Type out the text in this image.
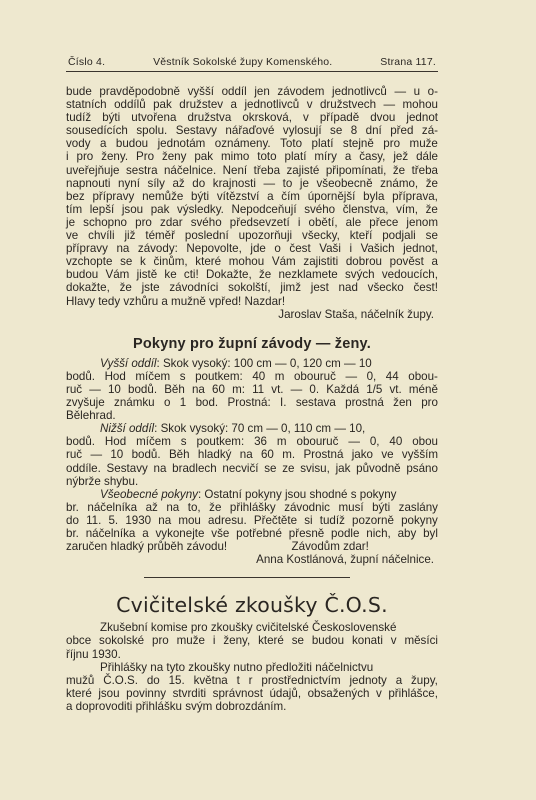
Číslo 4.	Věstník Sokolské župy Komenského.	Strana 117.
bude pravděpodobně vyšší oddíl jen závodem jednotlivců — u o-
statních oddílů pak družstev a jednotlivců v družstvech — mohou
tudíž býti utvořena družstva okrsková, v případě dvou jednot
sousedících spolu. Sestavy nářaďové vylosují se 8 dní před zá-
vody a budou jednotám oznámeny. Toto platí stejně pro muže
i pro ženy. Pro ženy pak mimo toto platí míry a časy, jež dále
uveřejňuje sestra náčelnice. Není třeba zajisté připomínati, že třeba
napnouti nyní síly až do krajnosti — to je všeobecně známo, že
bez přípravy nemůže býti vítězství a čím úpornější byla příprava,
tím lepší jsou pak výsledky. Nepodceňují svého členstva, vím, že
je schopno pro zdar svého předsevzetí i obětí, ale přece jenom
ve chvíli již téměř poslední upozorňuji všecky, kteří podjali se
přípravy na závody: Nepovolte, jde o čest Vaši i Vašich jednot,
vzchopte se k činům, které mohou Vám zajistiti dobrou pověst a
budou Vám jistě ke cti! Dokažte, že nezklamete svých vedoucích,
dokažte, že jste závodníci sokolští, jimž jest nad všecko čest!
Hlavy tedy vzhůru a mužně vpřed! Nazdar!
Jaroslav Staša, náčelník župy.
Pokyny pro župní závody — ženy.
Vyšší oddíl: Skok vysoký: 100 cm — 0, 120 cm — 10
bodů. Hod míčem s poutkem: 40 m obouruč — 0, 44 obou-
ruč — 10 bodů. Běh na 60 m: 11 vt. — 0. Každá 1/5 vt. méně
zvyšuje známku o 1 bod. Prostná: I. sestava prostná žen pro
Bělehrad.
Nižší oddíl: Skok vysoký: 70 cm — 0, 110 cm — 10,
bodů. Hod míčem s poutkem: 36 m obouruč — 0, 40 obou
ruč — 10 bodů. Běh hladký na 60 m. Prostná jako ve vyšším
oddíle. Sestavy na bradlech necvičí se ze svisu, jak původně psáno
nýbrže shybu.
Všeobecné pokyny: Ostatní pokyny jsou shodné s pokyny
br. náčelníka až na to, že přihlášky závodnic musí býti zaslány
do 11. 5. 1930 na mou adresu. Přečtěte si tudíž pozorně pokyny
br. náčelníka a vykonejte vše potřebné přesně podle nich, aby byl
zaručen hladký průběh závodu!                    Závodům zdar!
Anna Kostlánová, župní náčelnice.
Cvičitelské zkoušky Č.O.S.
Zkušební komise pro zkoušky cvičitelské Československé
obce sokolské pro muže i ženy, které se budou konati v měsíci
říjnu 1930.
Přihlášky na tyto zkoušky nutno předložiti náčelnictvu
mužů Č.O.S. do 15. května t r prostřednictvím jednoty a župy,
které jsou povinny stvrditi správnost údajů, obsažených v přihlášce,
a doprovoditi přihlášku svým dobrozdáním.
